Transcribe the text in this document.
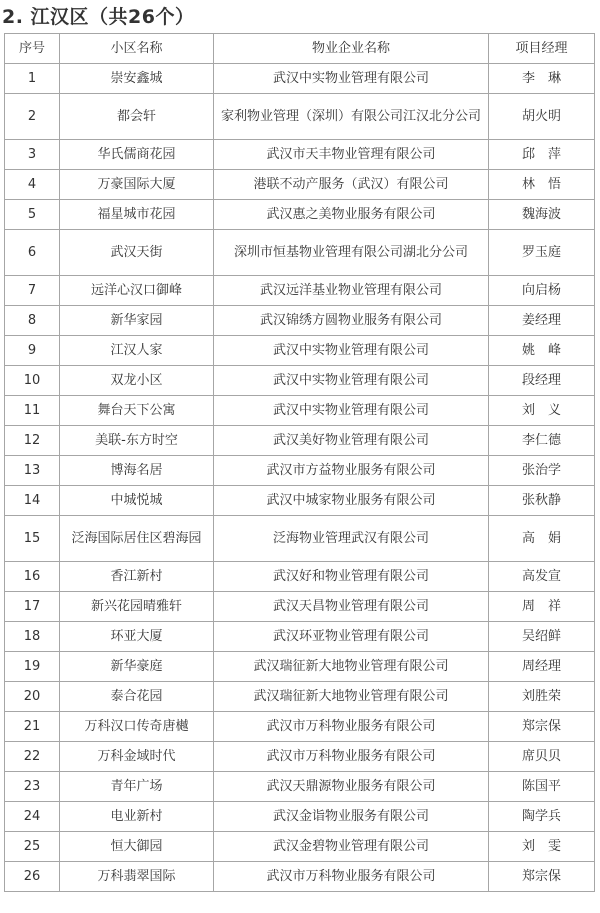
2. 江汉区（共26个）
序号	小区名称	物业企业名称	项目经理
1	崇安鑫城	武汉中实物业管理有限公司	李　琳
2	都会轩	家利物业管理（深圳）有限公司江汉北分公司	胡火明
3	华氏儒商花园	武汉市天丰物业管理有限公司	邱　萍
4	万豪国际大厦	港联不动产服务（武汉）有限公司	林　悟
5	福星城市花园	武汉惠之美物业服务有限公司	魏海波
6	武汉天街	深圳市恒基物业管理有限公司湖北分公司	罗玉庭
7	远洋心汉口御峰	武汉远洋基业物业管理有限公司	向启杨
8	新华家园	武汉锦绣方圆物业服务有限公司	姜经理
9	江汉人家	武汉中实物业管理有限公司	姚　峰
10	双龙小区	武汉中实物业管理有限公司	段经理
11	舞台天下公寓	武汉中实物业管理有限公司	刘　义
12	美联-东方时空	武汉美好物业管理有限公司	李仁德
13	博海名居	武汉市方益物业服务有限公司	张治学
14	中城悦城	武汉中城家物业服务有限公司	张秋静
15	泛海国际居住区碧海园	泛海物业管理武汉有限公司	高　娟
16	香江新村	武汉好和物业管理有限公司	高发宣
17	新兴花园晴雅轩	武汉天昌物业管理有限公司	周　祥
18	环亚大厦	武汉环亚物业管理有限公司	吴绍鲜
19	新华豪庭	武汉瑞征新大地物业管理有限公司	周经理
20	泰合花园	武汉瑞征新大地物业管理有限公司	刘胜荣
21	万科汉口传奇唐樾	武汉市万科物业服务有限公司	郑宗保
22	万科金域时代	武汉市万科物业服务有限公司	席贝贝
23	青年广场	武汉天鼎源物业服务有限公司	陈国平
24	电业新村	武汉金诣物业服务有限公司	陶学兵
25	恒大御园	武汉金碧物业管理有限公司	刘　雯
26	万科翡翠国际	武汉市万科物业服务有限公司	郑宗保
